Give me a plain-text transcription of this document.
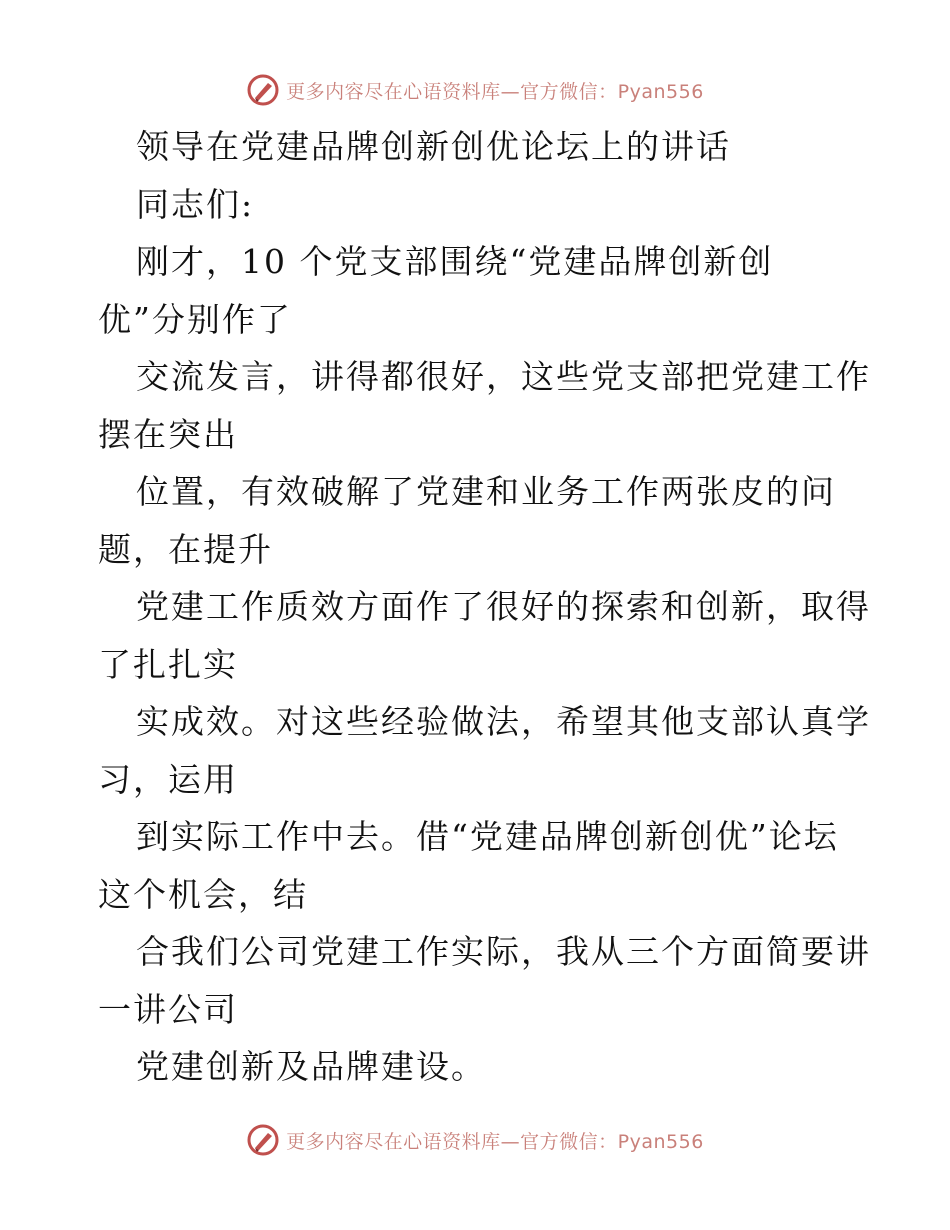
更多内容尽在心语资料库—官方微信：Pyan556
领导在党建品牌创新创优论坛上的讲话
同志们:
刚才，10 个党支部围绕“党建品牌创新创
优”分别作了
交流发言，讲得都很好，这些党支部把党建工作
摆在突出
位置，有效破解了党建和业务工作两张皮的问
题，在提升
党建工作质效方面作了很好的探索和创新，取得
了扎扎实
实成效。对这些经验做法，希望其他支部认真学
习，运用
到实际工作中去。借“党建品牌创新创优”论坛
这个机会，结
合我们公司党建工作实际，我从三个方面简要讲
一讲公司
党建创新及品牌建设。
更多内容尽在心语资料库—官方微信：Pyan556
